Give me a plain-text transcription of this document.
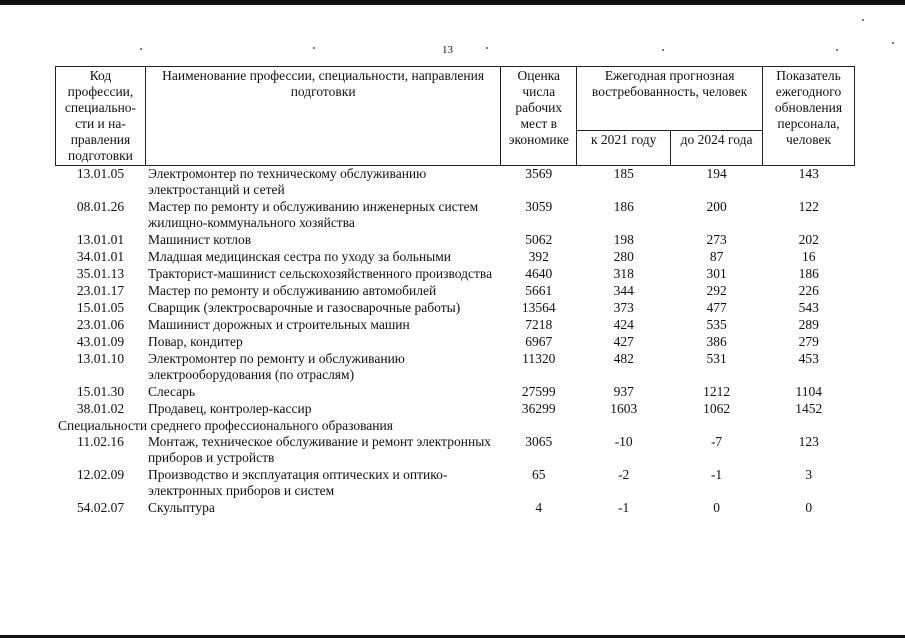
13
Код профессии, специально-сти и на-правления подготовки	Наименование профессии, специальности, направления подготовки	Оценка числа рабочих мест в экономике	Ежегодная прогнозная востребованность, человек		Показатель ежегодного обновления персонала, человек
			к 2021 году	до 2024 года	
13.01.05	Электромонтер по техническому обслуживанию электростанций и сетей	3569	185	194	143
08.01.26	Мастер по ремонту и обслуживанию инженерных систем жилищно-коммунального хозяйства	3059	186	200	122
13.01.01	Машинист котлов	5062	198	273	202
34.01.01	Младшая медицинская сестра по уходу за больными	392	280	87	16
35.01.13	Тракторист-машинист сельскохозяйственного производства	4640	318	301	186
23.01.17	Мастер по ремонту и обслуживанию автомобилей	5661	344	292	226
15.01.05	Сварщик (электросварочные и газосварочные работы)	13564	373	477	543
23.01.06	Машинист дорожных и строительных машин	7218	424	535	289
43.01.09	Повар, кондитер	6967	427	386	279
13.01.10	Электромонтер по ремонту и обслуживанию электрооборудования (по отраслям)	11320	482	531	453
15.01.30	Слесарь	27599	937	1212	1104
38.01.02	Продавец, контролер-кассир	36299	1603	1062	1452
Специальности среднего профессионального образования					
11.02.16	Монтаж, техническое обслуживание и ремонт электронных приборов и устройств	3065	-10	-7	123
12.02.09	Производство и эксплуатация оптических и оптико-электронных приборов и систем	65	-2	-1	3
54.02.07	Скульптура	4	-1	0	0
